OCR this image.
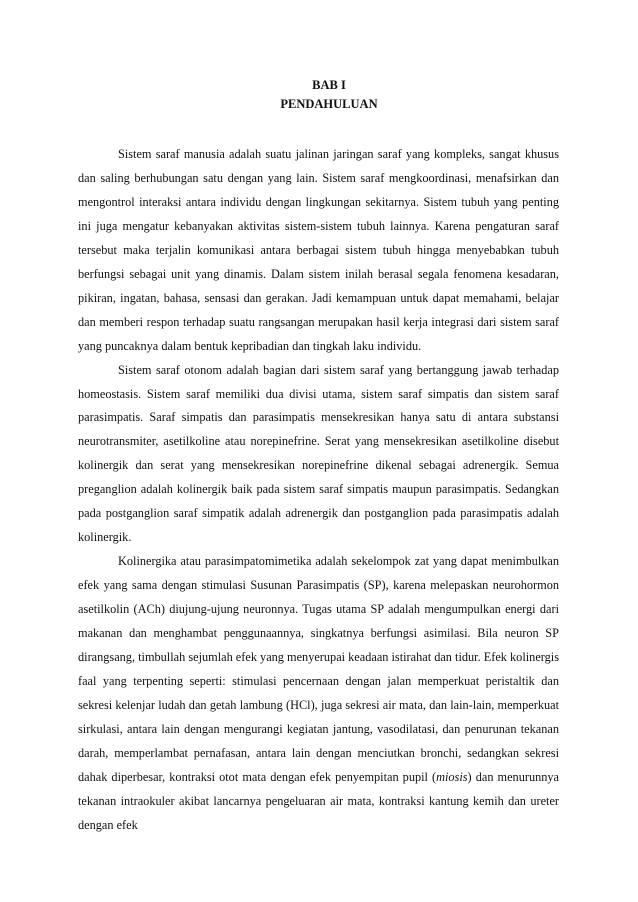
BAB I

PENDAHULUAN

Sistem saraf manusia adalah suatu jalinan jaringan saraf yang kompleks, sangat khusus dan saling berhubungan satu dengan yang lain. Sistem saraf mengkoordinasi, menafsirkan dan mengontrol interaksi antara individu dengan lingkungan sekitarnya. Sistem tubuh yang penting ini juga mengatur kebanyakan aktivitas sistem-sistem tubuh lainnya. Karena pengaturan saraf tersebut maka terjalin komunikasi antara berbagai sistem tubuh hingga menyebabkan tubuh berfungsi sebagai unit yang dinamis. Dalam sistem inilah berasal segala fenomena kesadaran, pikiran, ingatan, bahasa, sensasi dan gerakan. Jadi kemampuan untuk dapat memahami, belajar dan memberi respon terhadap suatu rangsangan merupakan hasil kerja integrasi dari sistem saraf yang puncaknya dalam bentuk kepribadian dan tingkah laku individu.

Sistem saraf otonom adalah bagian dari sistem saraf yang bertanggung jawab terhadap homeostasis. Sistem saraf memiliki dua divisi utama, sistem saraf simpatis dan sistem saraf parasimpatis. Saraf simpatis dan parasimpatis mensekresikan hanya satu di antara substansi neurotransmiter, asetilkoline atau norepinefrine. Serat yang mensekresikan asetilkoline disebut kolinergik dan serat yang mensekresikan norepinefrine dikenal sebagai adrenergik. Semua preganglion adalah kolinergik baik pada sistem saraf simpatis maupun parasimpatis. Sedangkan pada postganglion saraf simpatik adalah adrenergik dan postganglion pada parasimpatis adalah kolinergik.

Kolinergika atau parasimpatomimetika adalah sekelompok zat yang dapat menimbulkan efek yang sama dengan stimulasi Susunan Parasimpatis (SP), karena melepaskan neurohormon asetilkolin (ACh) diujung-ujung neuronnya. Tugas utama SP adalah mengumpulkan energi dari makanan dan menghambat penggunaannya, singkatnya berfungsi asimilasi. Bila neuron SP dirangsang, timbullah sejumlah efek yang menyerupai keadaan istirahat dan tidur. Efek kolinergis faal yang terpenting seperti: stimulasi pencernaan dengan jalan memperkuat peristaltik dan sekresi kelenjar ludah dan getah lambung (HCl), juga sekresi air mata, dan lain-lain, memperkuat sirkulasi, antara lain dengan mengurangi kegiatan jantung, vasodilatasi, dan penurunan tekanan darah, memperlambat pernafasan, antara lain dengan menciutkan bronchi, sedangkan sekresi dahak diperbesar, kontraksi otot mata dengan efek penyempitan pupil (miosis) dan menurunnya tekanan intraokuler akibat lancarnya pengeluaran air mata, kontraksi kantung kemih dan ureter dengan efek
